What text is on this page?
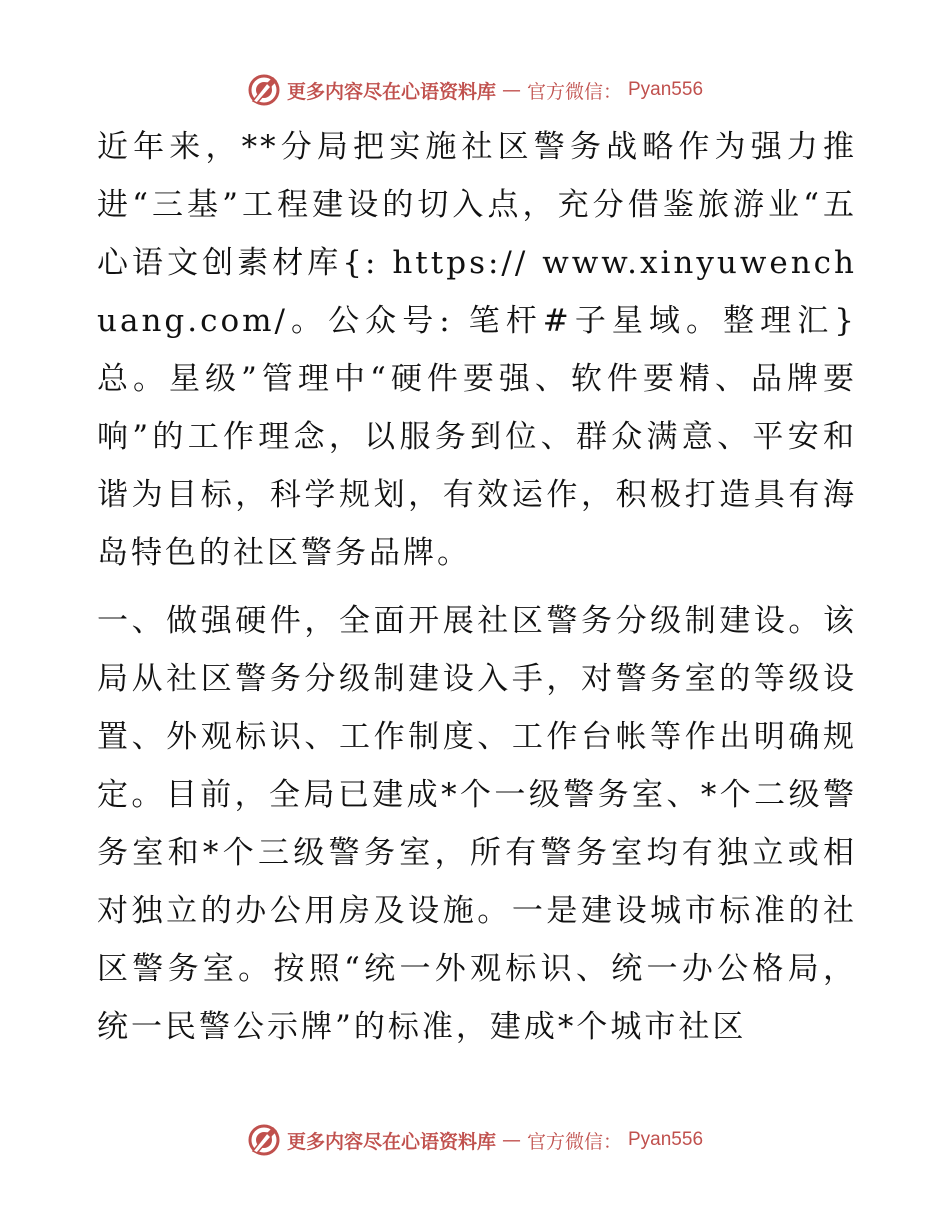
更多内容尽在心语资料库 — 官方微信： Pyan556

近年来，**分局把实施社区警务战略作为强力推进“三基”工程建设的切入点，充分借鉴旅游业“五心语文创素材库{: https:// www.xinyuwenchuang.com/。公众号: 笔杆#子星域。整理汇}总。星级”管理中“硬件要强、软件要精、品牌要响”的工作理念，以服务到位、群众满意、平安和谐为目标，科学规划，有效运作，积极打造具有海岛特色的社区警务品牌。

一、做强硬件，全面开展社区警务分级制建设。该局从社区警务分级制建设入手，对警务室的等级设置、外观标识、工作制度、工作台帐等作出明确规定。目前，全局已建成*个一级警务室、*个二级警务室和*个三级警务室，所有警务室均有独立或相对独立的办公用房及设施。一是建设城市标准的社区警务室。按照“统一外观标识、统一办公格局，统一民警公示牌”的标准，建成*个城市社区

更多内容尽在心语资料库 — 官方微信： Pyan556
